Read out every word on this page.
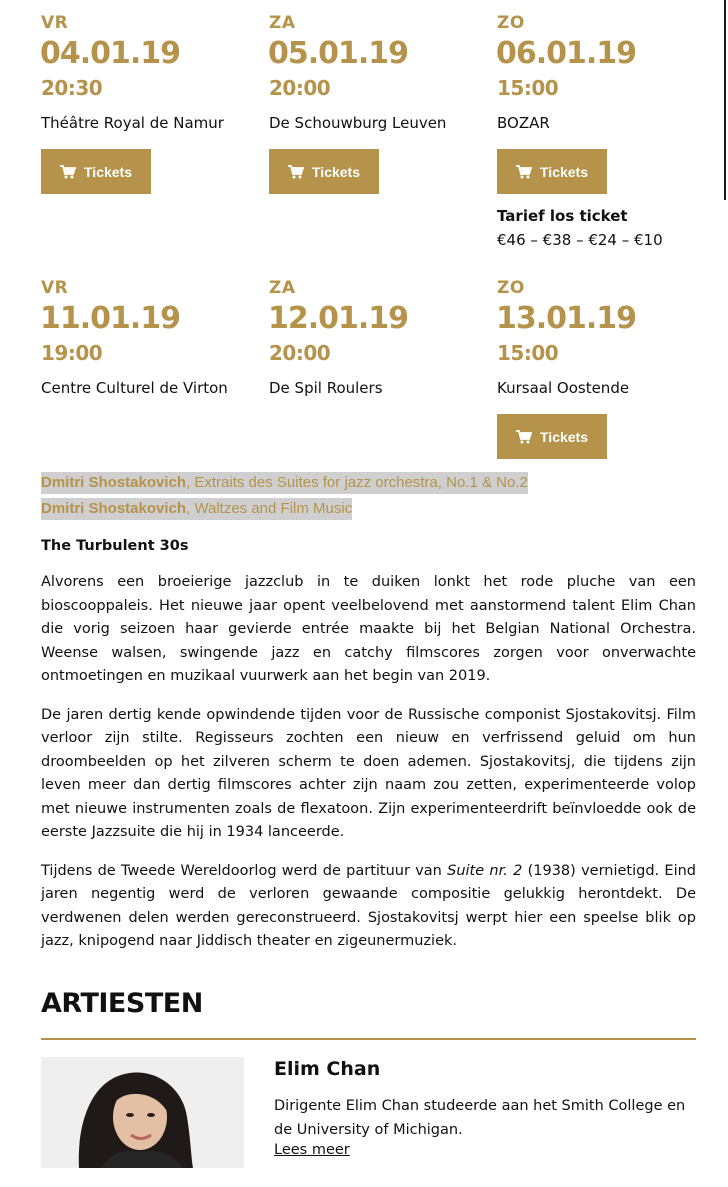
VR
04.01.19
20:30
Théâtre Royal de Namur
Tickets
ZA
05.01.19
20:00
De Schouwburg Leuven
Tickets
ZO
06.01.19
15:00
BOZAR
Tickets
Tarief los ticket
€46 – €38 – €24 – €10
VR
11.01.19
19:00
Centre Culturel de Virton
ZA
12.01.19
20:00
De Spil Roulers
ZO
13.01.19
15:00
Kursaal Oostende
Tickets
Dmitri Shostakovich, Extraits des Suites for jazz orchestra, No.1 & No.2
Dmitri Shostakovich, Waltzes and Film Music
The Turbulent 30s

Alvorens een broeierige jazzclub in te duiken lonkt het rode pluche van een bioscooppaleis. Het nieuwe jaar opent veelbelovend met aanstormend talent Elim Chan die vorig seizoen haar gevierde entrée maakte bij het Belgian National Orchestra. Weense walsen, swingende jazz en catchy filmscores zorgen voor onverwachte ontmoetingen en muzikaal vuurwerk aan het begin van 2019.

De jaren dertig kende opwindende tijden voor de Russische componist Sjostakovitsj. Film verloor zijn stilte. Regisseurs zochten een nieuw en verfrissend geluid om hun droombeelden op het zilveren scherm te doen ademen. Sjostakovitsj, die tijdens zijn leven meer dan dertig filmscores achter zijn naam zou zetten, experimenteerde volop met nieuwe instrumenten zoals de flexatoon. Zijn experimenteerdrift beïnvloedde ook de eerste Jazzsuite die hij in 1934 lanceerde.

Tijdens de Tweede Wereldoorlog werd de partituur van Suite nr. 2 (1938) vernietigd. Eind jaren negentig werd de verloren gewaande compositie gelukkig herontdekt. De verdwenen delen werden gereconstrueerd. Sjostakovitsj werpt hier een speelse blik op jazz, knipogend naar Jiddisch theater en zigeunermuziek.

ARTIESTEN
Elim Chan

Dirigente Elim Chan studeerde aan het Smith College en de University of Michigan.

Lees meer
